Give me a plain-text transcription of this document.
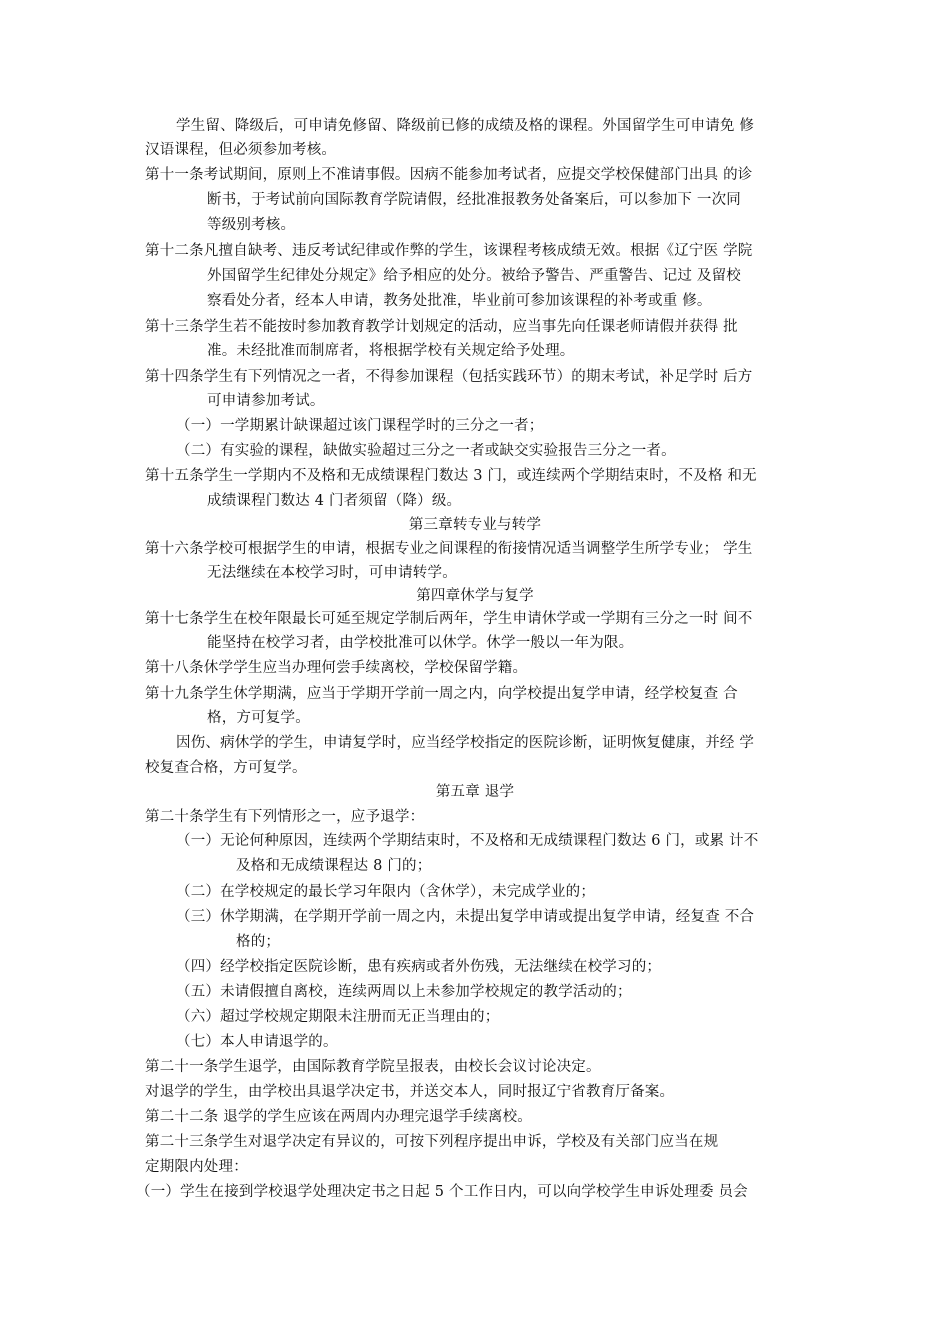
学生留、降级后，可申请免修留、降级前已修的成绩及格的课程。外国留学生可申请免 修
汉语课程，但必须参加考核。
第十一条考试期间，原则上不准请事假。因病不能参加考试者，应提交学校保健部门出具 的诊
断书，于考试前向国际教育学院请假，经批准报教务处备案后，可以参加下 一次同
等级别考核。
第十二条凡擅自缺考、违反考试纪律或作弊的学生，该课程考核成绩无效。根据《辽宁医 学院
外国留学生纪律处分规定》给予相应的处分。被给予警告、严重警告、记过 及留校
察看处分者，经本人申请，教务处批准，毕业前可参加该课程的补考或重 修。
第十三条学生若不能按时参加教育教学计划规定的活动，应当事先向任课老师请假并获得 批
准。未经批准而制席者，将根据学校有关规定给予处理。
第十四条学生有下列情况之一者，不得参加课程（包括实践环节）的期末考试，补足学时 后方
可申请参加考试。
（一）一学期累计缺课超过该门课程学时的三分之一者；
（二）有实验的课程，缺做实验超过三分之一者或缺交实验报告三分之一者。
第十五条学生一学期内不及格和无成绩课程门数达 3 门，或连续两个学期结束时，不及格 和无
成绩课程门数达 4 门者须留（降）级。
第三章转专业与转学
第十六条学校可根据学生的申请，根据专业之间课程的衔接情况适当调整学生所学专业； 学生
无法继续在本校学习时，可申请转学。
第四章休学与复学
第十七条学生在校年限最长可延至规定学制后两年，学生申请休学或一学期有三分之一时 间不
能坚持在校学习者，由学校批准可以休学。休学一般以一年为限。
第十八条休学学生应当办理何尝手续离校，学校保留学籍。
第十九条学生休学期满，应当于学期开学前一周之内，向学校提出复学申请，经学校复查 合
格，方可复学。
因伤、病休学的学生，申请复学时，应当经学校指定的医院诊断，证明恢复健康，并经 学
校复查合格，方可复学。
第五章 退学
第二十条学生有下列情形之一，应予退学：
（一）无论何种原因，连续两个学期结束时，不及格和无成绩课程门数达 6 门，或累 计不
及格和无成绩课程达 8 门的；
（二）在学校规定的最长学习年限内（含休学），未完成学业的；
（三）休学期满，在学期开学前一周之内，未提出复学申请或提出复学申请，经复查 不合
格的；
（四）经学校指定医院诊断，患有疾病或者外伤残，无法继续在校学习的；
（五）未请假擅自离校，连续两周以上未参加学校规定的教学活动的；
（六）超过学校规定期限未注册而无正当理由的；
（七）本人申请退学的。
第二十一条学生退学，由国际教育学院呈报表，由校长会议讨论决定。
对退学的学生，由学校出具退学决定书，并送交本人，同时报辽宁省教育厅备案。
第二十二条 退学的学生应该在两周内办理完退学手续离校。
第二十三条学生对退学决定有异议的，可按下列程序提出申诉，学校及有关部门应当在规
定期限内处理：
（一）学生在接到学校退学处理决定书之日起 5 个工作日内，可以向学校学生申诉处理委 员会
